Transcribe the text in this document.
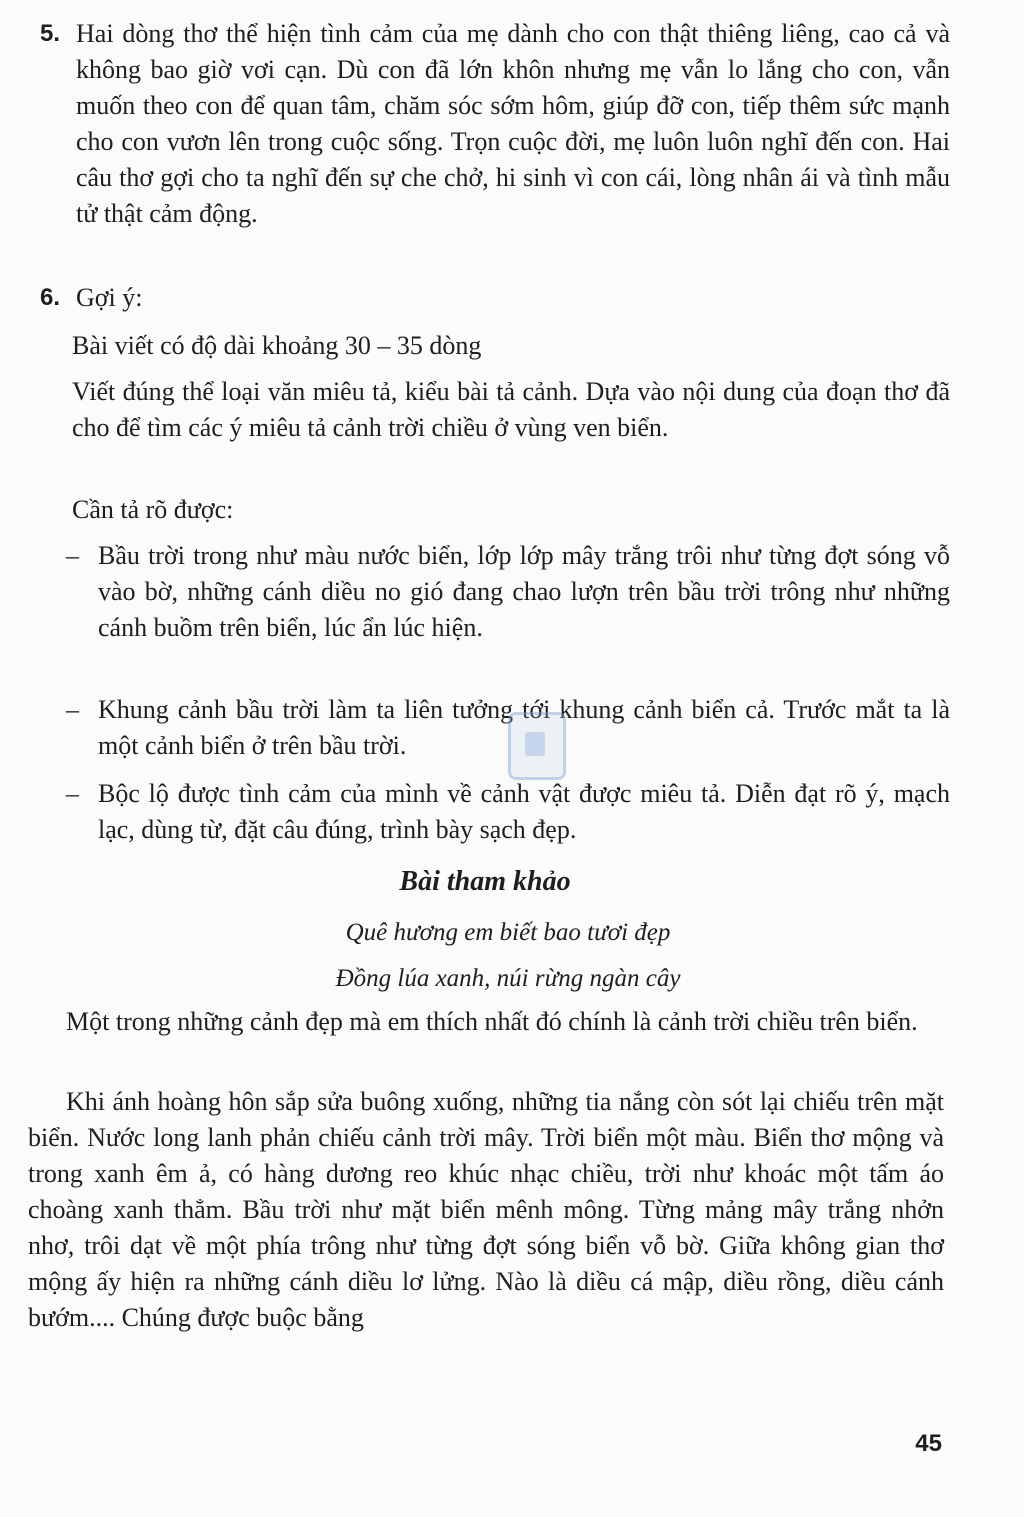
5. Hai dòng thơ thể hiện tình cảm của mẹ dành cho con thật thiêng liêng, cao cả và không bao giờ vơi cạn. Dù con đã lớn khôn nhưng mẹ vẫn lo lắng cho con, vẫn muốn theo con để quan tâm, chăm sóc sớm hôm, giúp đỡ con, tiếp thêm sức mạnh cho con vươn lên trong cuộc sống. Trọn cuộc đời, mẹ luôn luôn nghĩ đến con. Hai câu thơ gợi cho ta nghĩ đến sự che chở, hi sinh vì con cái, lòng nhân ái và tình mẫu tử thật cảm động.

6. Gợi ý:

Bài viết có độ dài khoảng 30 – 35 dòng

Viết đúng thể loại văn miêu tả, kiểu bài tả cảnh. Dựa vào nội dung của đoạn thơ đã cho để tìm các ý miêu tả cảnh trời chiều ở vùng ven biển.

Cần tả rõ được:

– Bầu trời trong như màu nước biển, lớp lớp mây trắng trôi như từng đợt sóng vỗ vào bờ, những cánh diều no gió đang chao lượn trên bầu trời trông như những cánh buồm trên biển, lúc ẩn lúc hiện.

– Khung cảnh bầu trời làm ta liên tưởng tới khung cảnh biển cả. Trước mắt ta là một cảnh biển ở trên bầu trời.

– Bộc lộ được tình cảm của mình về cảnh vật được miêu tả. Diễn đạt rõ ý, mạch lạc, dùng từ, đặt câu đúng, trình bày sạch đẹp.

Bài tham khảo
Quê hương em biết bao tươi đẹp
Đồng lúa xanh, núi rừng ngàn cây

Một trong những cảnh đẹp mà em thích nhất đó chính là cảnh trời chiều trên biển.

Khi ánh hoàng hôn sắp sửa buông xuống, những tia nắng còn sót lại chiếu trên mặt biển. Nước long lanh phản chiếu cảnh trời mây. Trời biển một màu. Biển thơ mộng và trong xanh êm ả, có hàng dương reo khúc nhạc chiều, trời như khoác một tấm áo choàng xanh thẳm. Bầu trời như mặt biển mênh mông. Từng mảng mây trắng nhởn nhơ, trôi dạt về một phía trông như từng đợt sóng biển vỗ bờ. Giữa không gian thơ mộng ấy hiện ra những cánh diều lơ lửng. Nào là diều cá mập, diều rồng, diều cánh bướm.... Chúng được buộc bằng

45
